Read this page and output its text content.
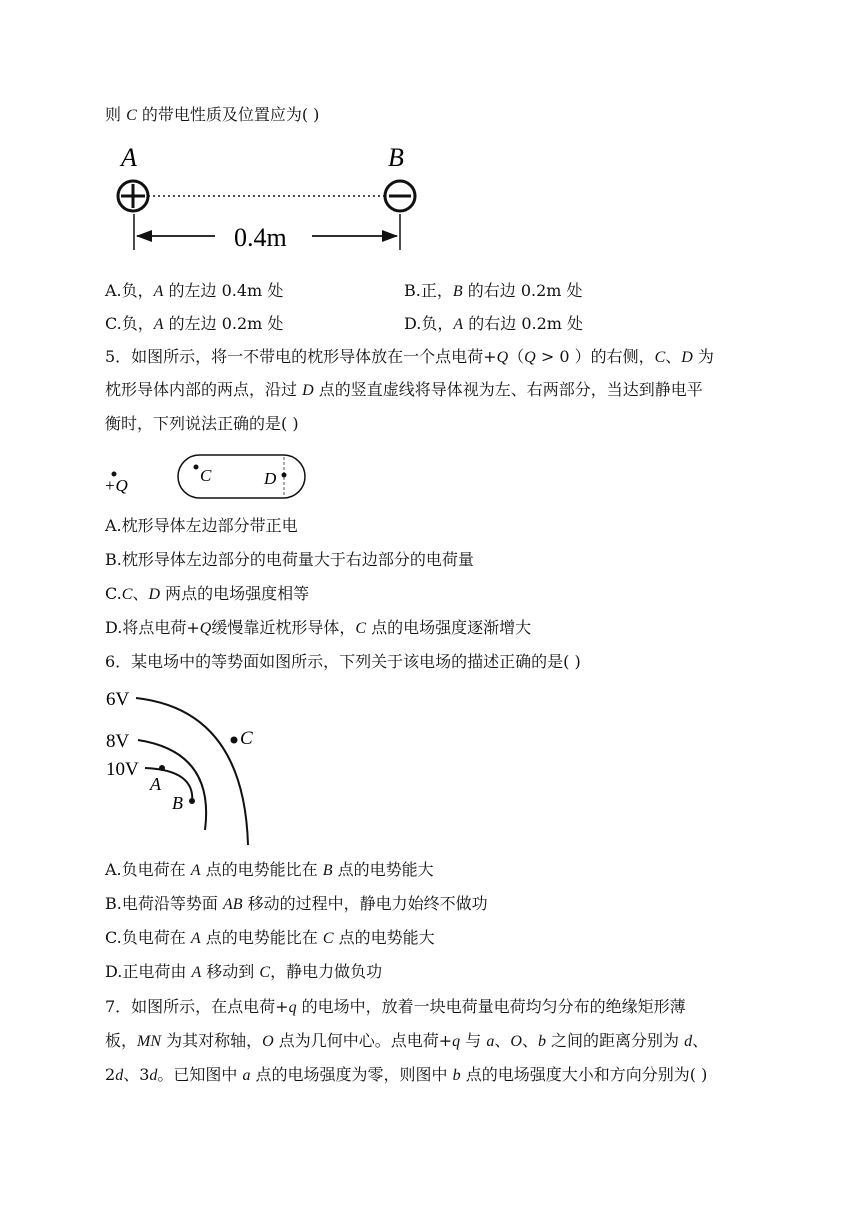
则 C 的带电性质及位置应为( )
A	B
0.4m
A.负，A 的左边 0.4m 处	B.正，B 的右边 0.2m 处
C.负，A 的左边 0.2m 处	D.负，A 的右边 0.2m 处
5．如图所示，将一不带电的枕形导体放在一个点电荷+Q（Q > 0 ）的右侧，C、D 为
枕形导体内部的两点，沿过 D 点的竖直虚线将导体视为左、右两部分，当达到静电平
衡时，下列说法正确的是( )
+Q
C	D
A.枕形导体左边部分带正电
B.枕形导体左边部分的电荷量大于右边部分的电荷量
C.C、D 两点的电场强度相等
D.将点电荷+Q缓慢靠近枕形导体，C 点的电场强度逐渐增大
6．某电场中的等势面如图所示，下列关于该电场的描述正确的是( )
6V
8V
10V
A
B
C
A.负电荷在 A 点的电势能比在 B 点的电势能大
B.电荷沿等势面 AB 移动的过程中，静电力始终不做功
C.负电荷在 A 点的电势能比在 C 点的电势能大
D.正电荷由 A 移动到 C，静电力做负功
7．如图所示，在点电荷+q 的电场中，放着一块电荷量电荷均匀分布的绝缘矩形薄
板，MN 为其对称轴，O 点为几何中心。点电荷+q 与 a、O、b 之间的距离分别为 d、
2d、3d。已知图中 a 点的电场强度为零，则图中 b 点的电场强度大小和方向分别为( )
